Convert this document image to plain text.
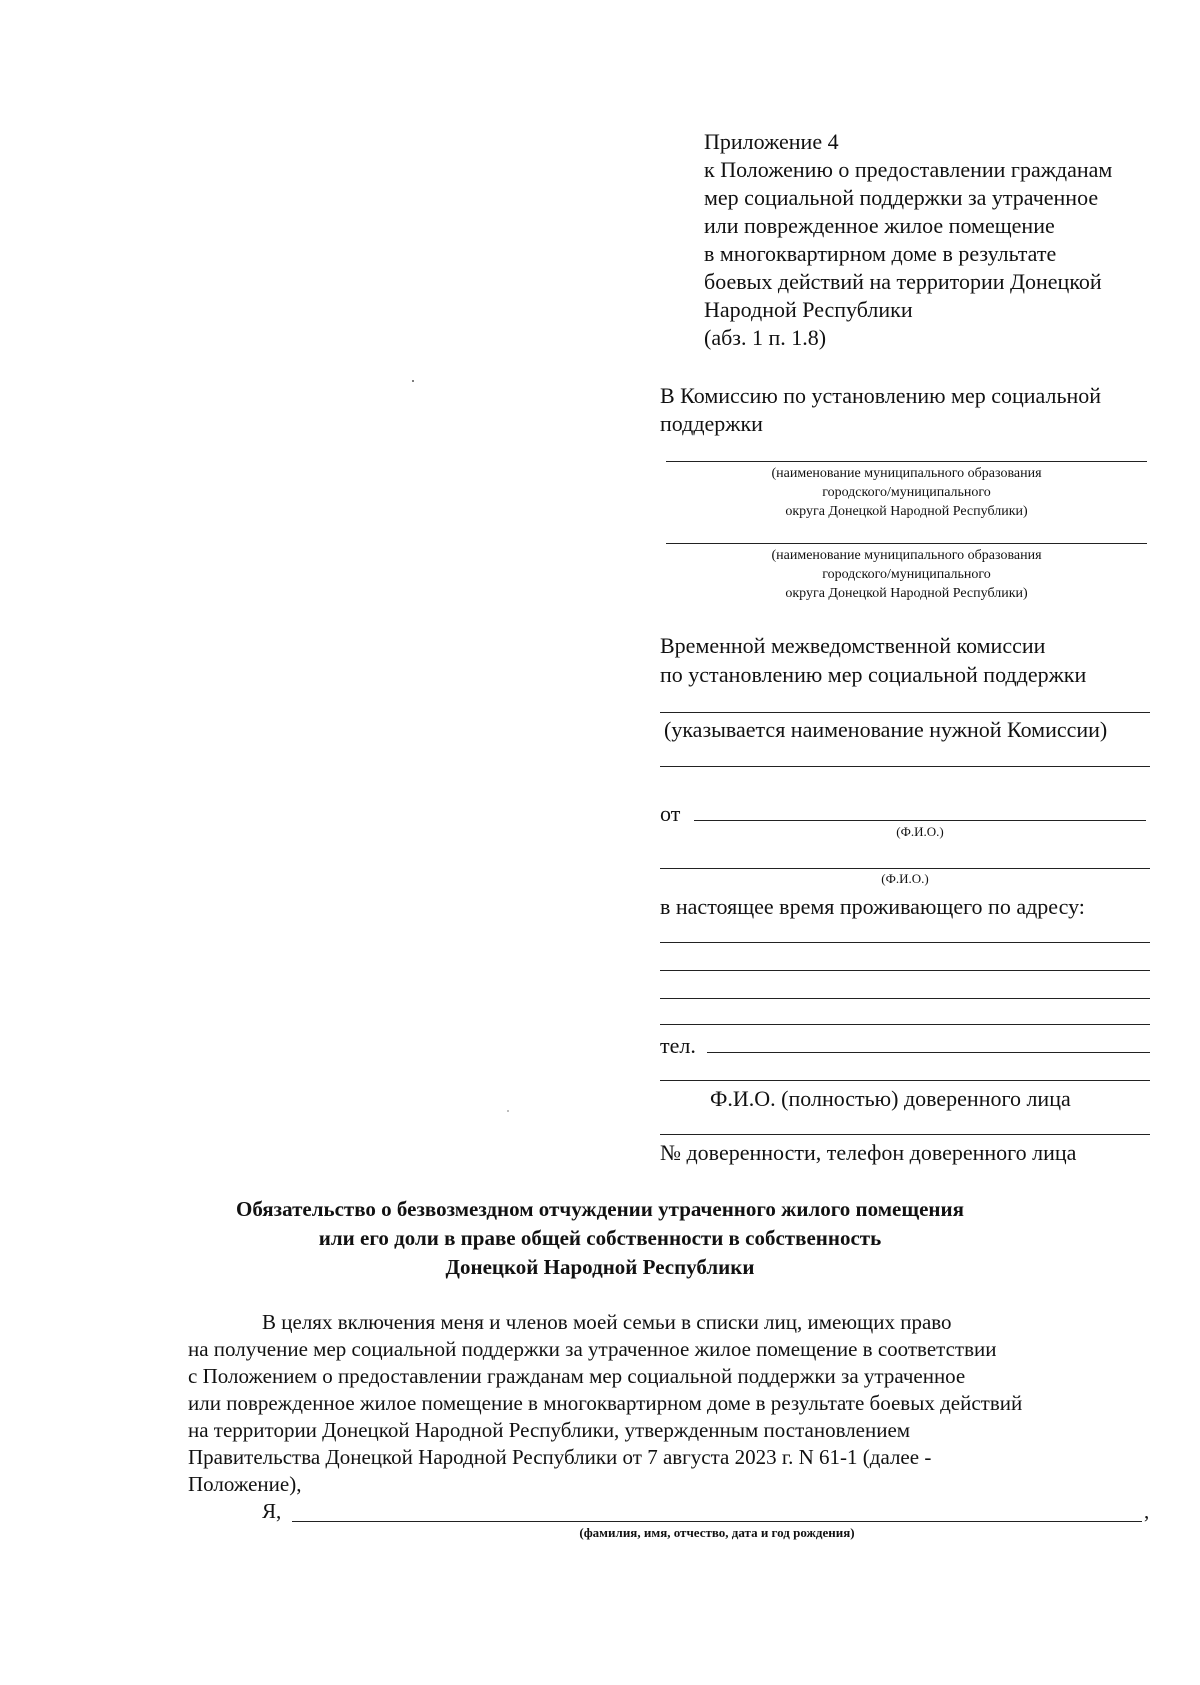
Приложение 4
к Положению о предоставлении гражданам
мер социальной поддержки за утраченное
или поврежденное жилое помещение
в многоквартирном доме в результате
боевых действий на территории Донецкой
Народной Республики
(абз. 1 п. 1.8)
В Комиссию по установлению мер социальной
поддержки
(наименование муниципального образования
городского/муниципального
округа Донецкой Народной Республики)
(наименование муниципального образования
городского/муниципального
округа Донецкой Народной Республики)
Временной межведомственной комиссии
по установлению мер социальной поддержки
(указывается наименование нужной Комиссии)
от
(Ф.И.О.)
(Ф.И.О.)
в настоящее время проживающего по адресу:
тел.
Ф.И.О. (полностью) доверенного лица
№ доверенности, телефон доверенного лица
Обязательство о безвозмездном отчуждении утраченного жилого помещения
или его доли в праве общей собственности в собственность
Донецкой Народной Республики
В целях включения меня и членов моей семьи в списки лиц, имеющих право
на получение мер социальной поддержки за утраченное жилое помещение в соответствии
с Положением о предоставлении гражданам мер социальной поддержки за утраченное
или поврежденное жилое помещение в многоквартирном доме в результате боевых действий
на территории Донецкой Народной Республики, утвержденным постановлением
Правительства Донецкой Народной Республики от 7 августа 2023 г. N 61-1 (далее -
Положение),
Я,	,
(фамилия, имя, отчество, дата и год рождения)
